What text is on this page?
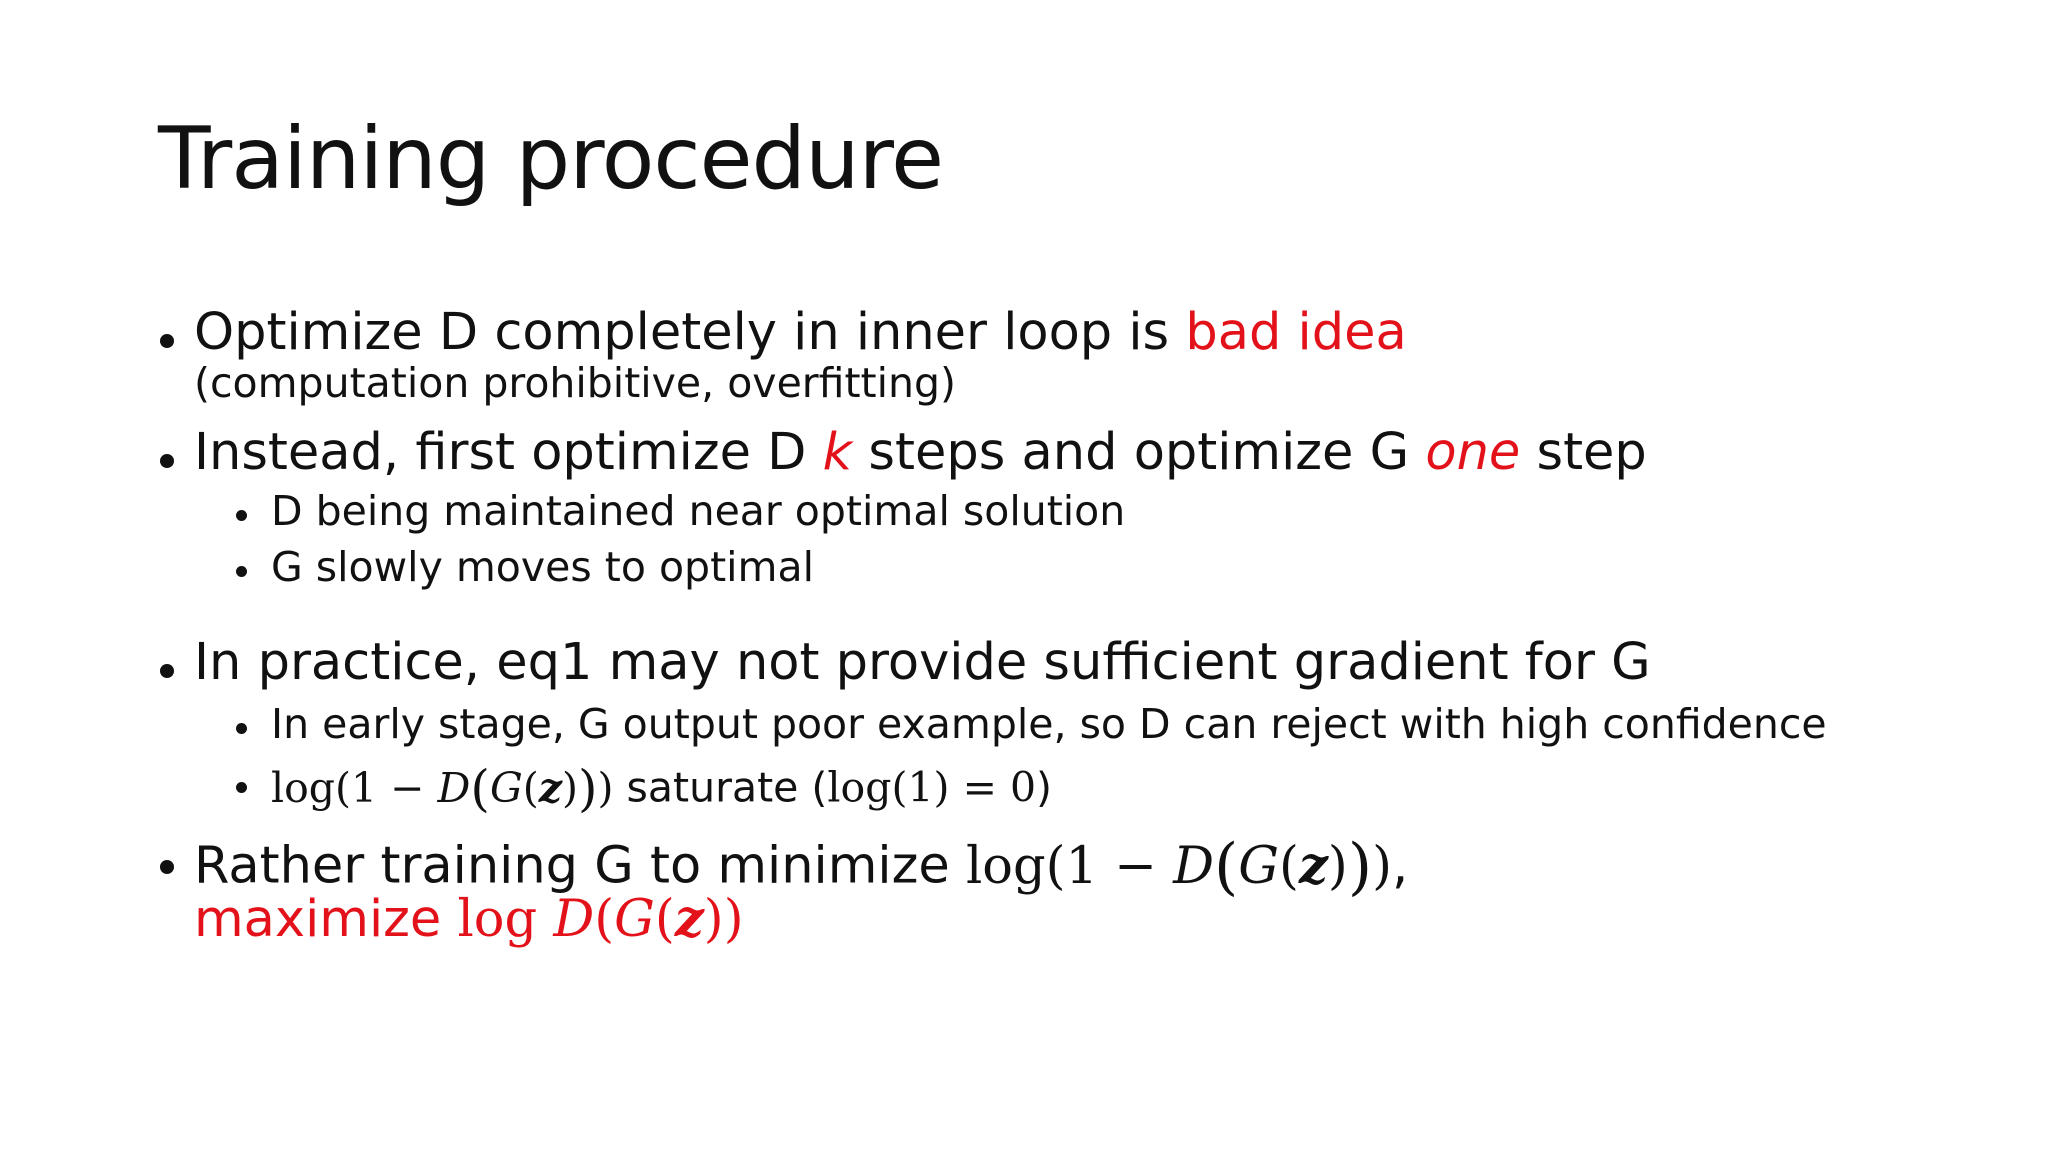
Training procedure
Optimize D completely in inner loop is bad idea
(computation prohibitive, overfitting)
Instead, first optimize D k steps and optimize G one step
D being maintained near optimal solution
G slowly moves to optimal
In practice, eq1 may not provide sufficient gradient for G
In early stage, G output poor example, so D can reject with high confidence
log(1 − D(G(z))) saturate (log(1) = 0)
Rather training G to minimize log(1 − D(G(z))),
maximize log D(G(z))
